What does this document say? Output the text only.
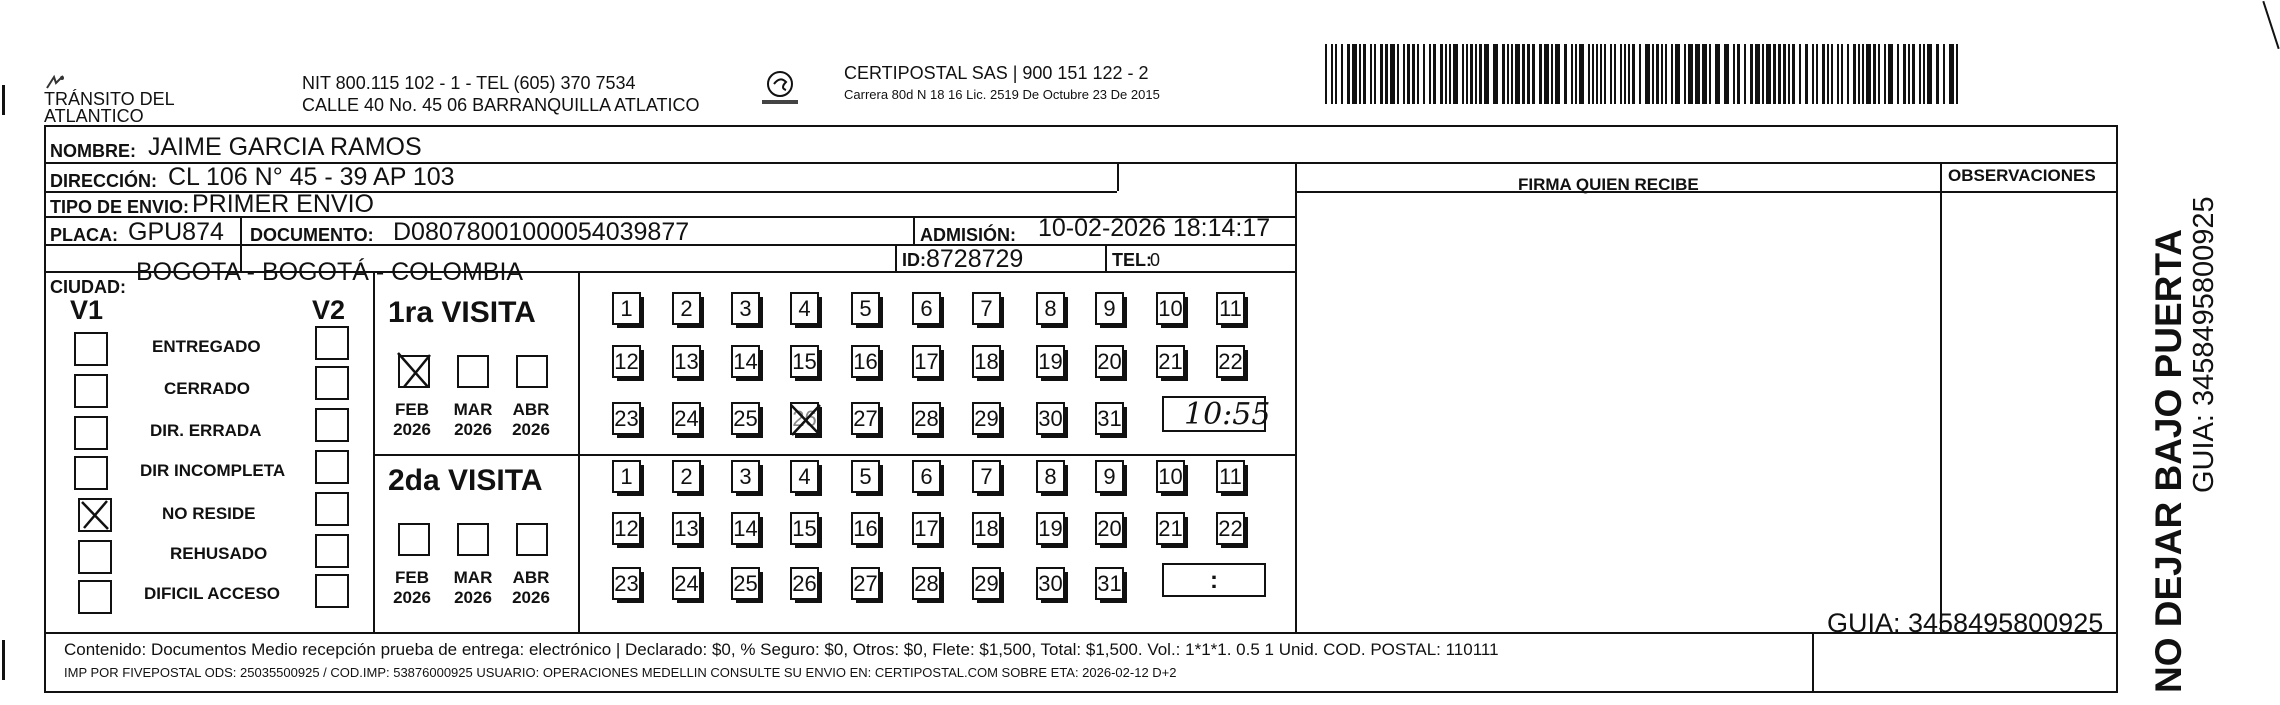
TRÁNSITO DEL
ATLANTICO
NIT 800.115 102 - 1 - TEL (605) 370 7534
CALLE 40 No. 45 06 BARRANQUILLA ATLATICO
CERTIPOSTAL SAS | 900 151 122 - 2
Carrera 80d N 18 16 Lic. 2519 De Octubre 23 De 2015
NOMBRE: JAIME GARCIA RAMOS
DIRECCIÓN: CL 106 N° 45 - 39 AP 103	FIRMA QUIEN RECIBE	OBSERVACIONES
TIPO DE ENVIO: PRIMER ENVIO
PLACA: GPU874 DOCUMENTO: D08078001000054039877	ADMISIÓN: 10-02-2026 18:14:17
ID: 8728729	TEL:
0
CIUDAD:
BOGOTA - BOGOTÁ - COLOMBIA
V1	V2
ENTREGADO
CERRADO
DIR. ERRADA
DIR INCOMPLETA
NO RESIDE
REHUSADO
DIFICIL ACCESO
1ra VISITA
2da VISITA
FEB
2026
MAR
2026
ABR
2026
FEB
2026
MAR
2026
ABR
2026
1	2	3	4	5	6	7	8	9	10 11
12 13 14 15 16 17 18 19 20 21 22
23 24 25 26 27 28 29 30 31
1	2	3	4	5	6	7	8	9	10 11
12 13 14 15 16 17 18 19 20 21 22
23 24 25 26 27 28 29 30 31
10:55
:
Contenido: Documentos Medio recepción prueba de entrega: electrónico | Declarado: $0, % Seguro: $0, Otros: $0, Flete: $1,500, Total: $1,500. Vol.: 1*1*1. 0.5 1 Unid. COD. POSTAL: 110111
IMP POR FIVEPOSTAL ODS: 25035500925 / COD.IMP: 53876000925 USUARIO: OPERACIONES MEDELLIN CONSULTE SU ENVIO EN: CERTIPOSTAL.COM SOBRE ETA: 2026-02-12 D+2
GUIA: 3458495800925 NO DEJAR BAJO PUERTA GUIA: 3458495800925
